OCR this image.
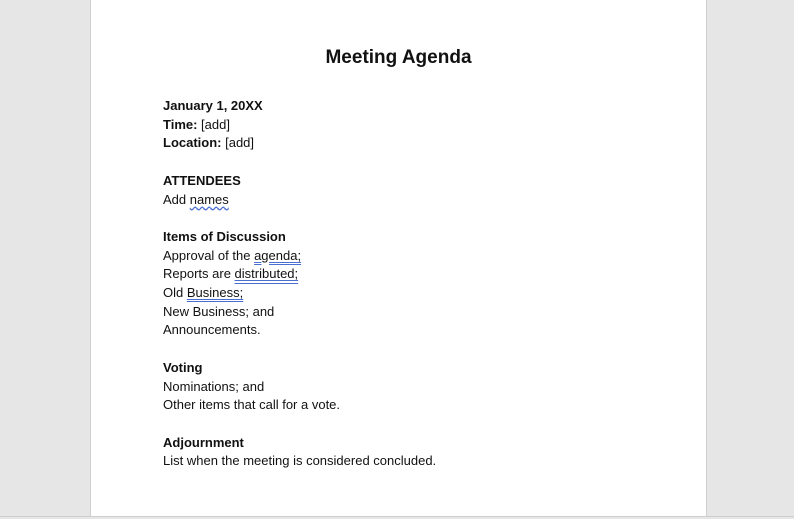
Meeting Agenda
January 1, 20XX
Time: [add]
Location: [add]
ATTENDEES
Add names
Items of Discussion
Approval of the agenda;
Reports are distributed;
Old Business;
New Business; and
Announcements.
Voting
Nominations; and
Other items that call for a vote.
Adjournment
List when the meeting is considered concluded.
